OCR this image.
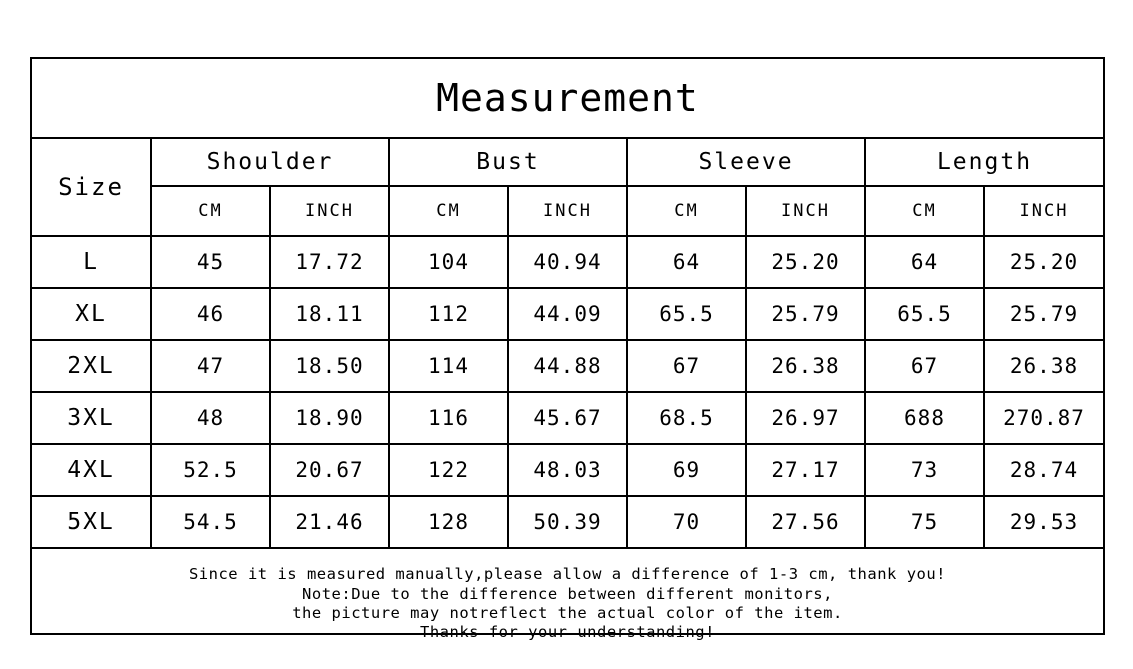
Measurement								
Size	Shoulder		Bust		Sleeve		Length	
	CM	INCH	CM	INCH	CM	INCH	CM	INCH
L	45	17.72	104	40.94	64	25.20	64	25.20
XL	46	18.11	112	44.09	65.5	25.79	65.5	25.79
2XL	47	18.50	114	44.88	67	26.38	67	26.38
3XL	48	18.90	116	45.67	68.5	26.97	688	270.87
4XL	52.5	20.67	122	48.03	69	27.17	73	28.74
5XL	54.5	21.46	128	50.39	70	27.56	75	29.53

Since it is measured manually,please allow a difference of 1-3 cm, thank you!
Note:Due to the difference between different monitors,
the picture may notreflect the actual color of the item.
Thanks for your understanding!								
